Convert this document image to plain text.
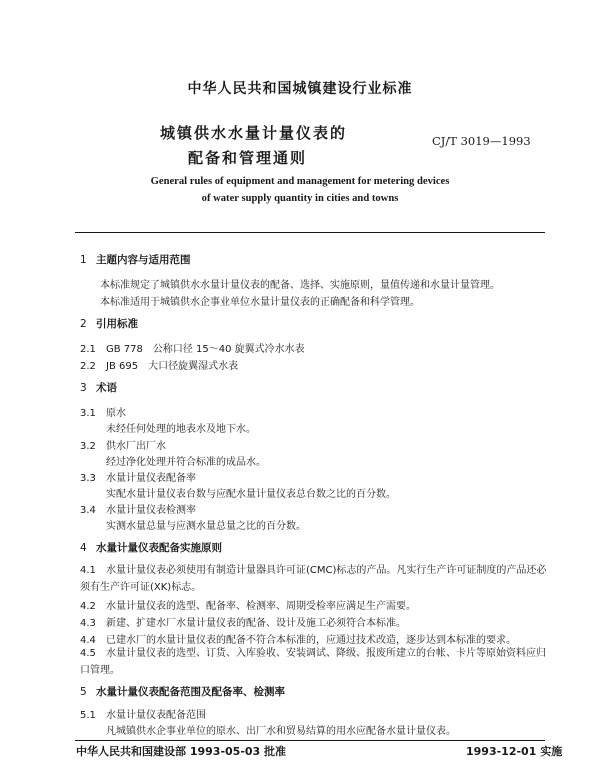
中华人民共和国城镇建设行业标准
城镇供水水量计量仪表的
配备和管理通则
CJ/T 3019—1993
General rules of equipment and management for metering devices
of water supply quantity in cities and towns
1 主题内容与适用范围
本标准规定了城镇供水水量计量仪表的配备、选择、实施原则，量值传递和水量计量管理。
本标准适用于城镇供水企事业单位水量计量仪表的正确配备和科学管理。
2 引用标准
2.1 GB 778　公称口径 15～40 旋翼式冷水水表
2.2 JB 695　大口径旋翼湿式水表
3 术语
3.1 原水
未经任何处理的地表水及地下水。
3.2 供水厂出厂水
经过净化处理并符合标准的成品水。
3.3 水量计量仪表配备率
实配水量计量仪表台数与应配水量计量仪表总台数之比的百分数。
3.4 水量计量仪表检测率
实测水量总量与应测水量总量之比的百分数。
4 水量计量仪表配备实施原则
4.1 水量计量仪表必须使用有制造计量器具许可证(CMC)标志的产品。凡实行生产许可证制度的产品还必须有生产许可证(XK)标志。
4.2 水量计量仪表的选型、配备率、检测率、周期受检率应满足生产需要。
4.3 新建、扩建水厂水量计量仪表的配备、设计及施工必须符合本标准。
4.4 已建水厂的水量计量仪表的配备不符合本标准的，应通过技术改造，逐步达到本标准的要求。
4.5 水量计量仪表的选型、订货、入库验收、安装调试、降级、报废所建立的台帐、卡片等原始资料应归口管理。
5 水量计量仪表配备范围及配备率、检测率
5.1 水量计量仪表配备范围
凡城镇供水企事业单位的原水、出厂水和贸易结算的用水应配备水量计量仪表。
中华人民共和国建设部 1993-05-03 批准	1993-12-01 实施
